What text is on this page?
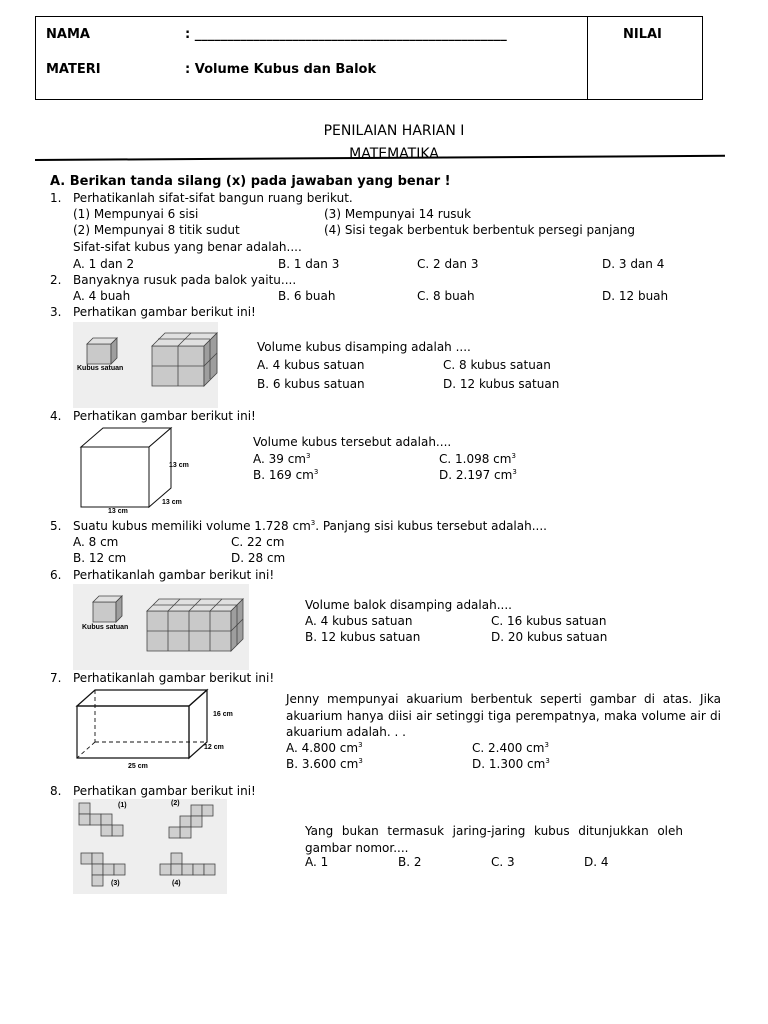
NAMA	: ________________________________________________
MATERI	: Volume Kubus dan Balok
NILAI
PENILAIAN HARIAN I
MATEMATIKA
A. Berikan tanda silang (x) pada jawaban yang benar !
1. Perhatikanlah sifat-sifat bangun ruang berikut.
(1) Mempunyai 6 sisi	(3) Mempunyai 14 rusuk
(2) Mempunyai 8 titik sudut	(4) Sisi tegak berbentuk berbentuk persegi panjang
Sifat-sifat kubus yang benar adalah....
A. 1 dan 2	B. 1 dan 3	C. 2 dan 3	D. 3 dan 4
2. Banyaknya rusuk pada balok yaitu....
A. 4 buah	B. 6 buah	C. 8 buah	D. 12 buah
3. Perhatikan gambar berikut ini!
Kubus satuan
Volume kubus disamping adalah ....
A. 4 kubus satuan	C. 8 kubus satuan
B. 6 kubus satuan	D. 12 kubus satuan
4. Perhatikan gambar berikut ini!
13 cm
13 cm
13 cm
Volume kubus tersebut adalah....
A. 39 $cm^3$	C. 1.098 $cm^3$
B. 169 $cm^3$	D. 2.197 $cm^3$
5. Suatu kubus memiliki volume 1.728 $cm^3$. Panjang sisi kubus tersebut adalah....
A. 8 cm	C. 22 cm
B. 12 cm	D. 28 cm
6. Perhatikanlah gambar berikut ini!
Kubus satuan
Volume balok disamping adalah....
A. 4 kubus satuan	C. 16 kubus satuan
B. 12 kubus satuan	D. 20 kubus satuan
7. Perhatikanlah gambar berikut ini!
16 cm
12 cm
25 cm
Jenny mempunyai akuarium berbentuk seperti gambar di atas. Jika akuarium hanya diisi air setinggi tiga perempatnya, maka volume air di akuarium adalah. . .
A. 4.800 $cm^3$	C. 2.400 $cm^3$
B. 3.600 $cm^3$	D. 1.300 $cm^3$
8. Perhatikan gambar berikut ini!
(1)	(2)
(3)	(4)
Yang bukan termasuk jaring-jaring kubus ditunjukkan oleh gambar nomor....
A. 1	B. 2	C. 3	D. 4
